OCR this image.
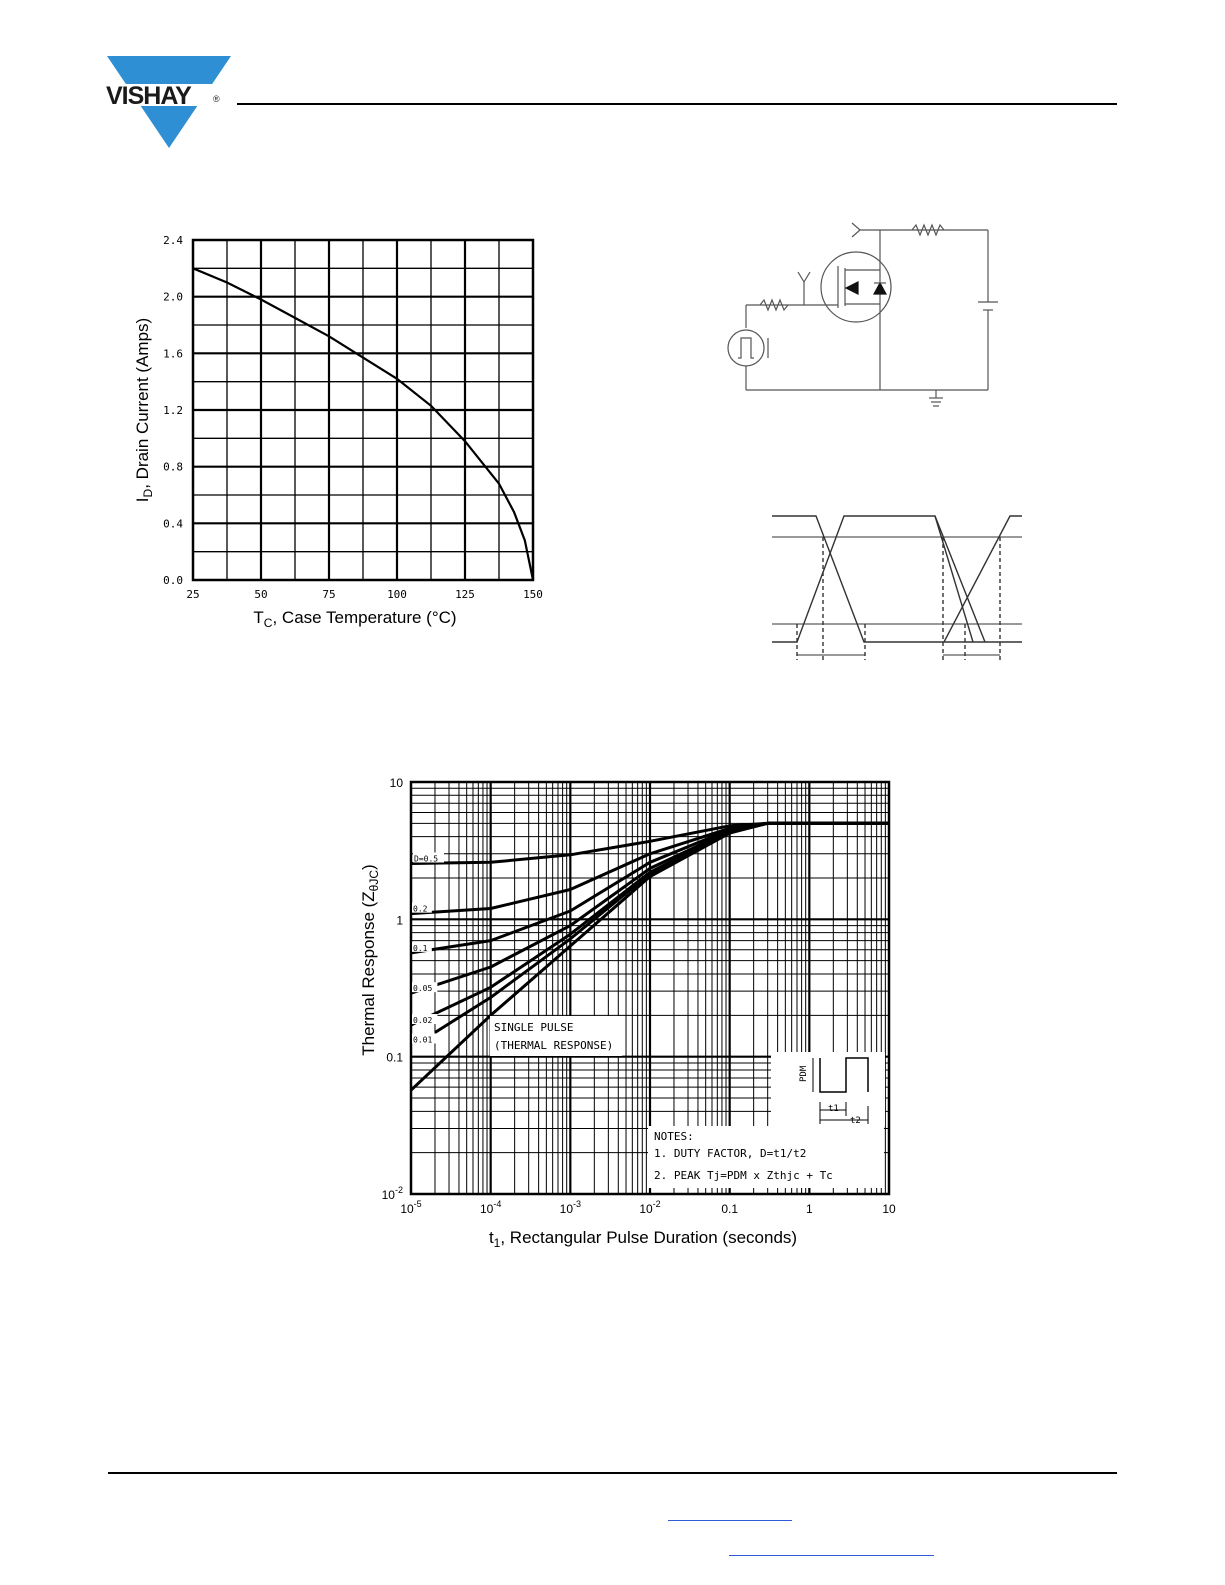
VISHAY ®
25	50	75	100	125	150
0.0
0.4
0.8
1.2
1.6
2.0
2.4
$T_C$, Case Temperature (°C)
$I_D$, Drain Current (Amps)
D=0.5
0.2
0.1
0.05
0.02
0.01
$10^{-5}$	$10^{-4}$	$10^{-3}$	$10^{-2}$	0.1	1	10
$10^{-2}$
0.1
1
10
SINGLE PULSE
(THERMAL RESPONSE)
NOTES:
1. DUTY FACTOR, D=t1/t2
2. PEAK Tj=PDM x Zthjc + Tc
PDM
t1
t2
$t_1$, Rectangular Pulse Duration (seconds)
Thermal Response $(Z_{\theta JC})$
